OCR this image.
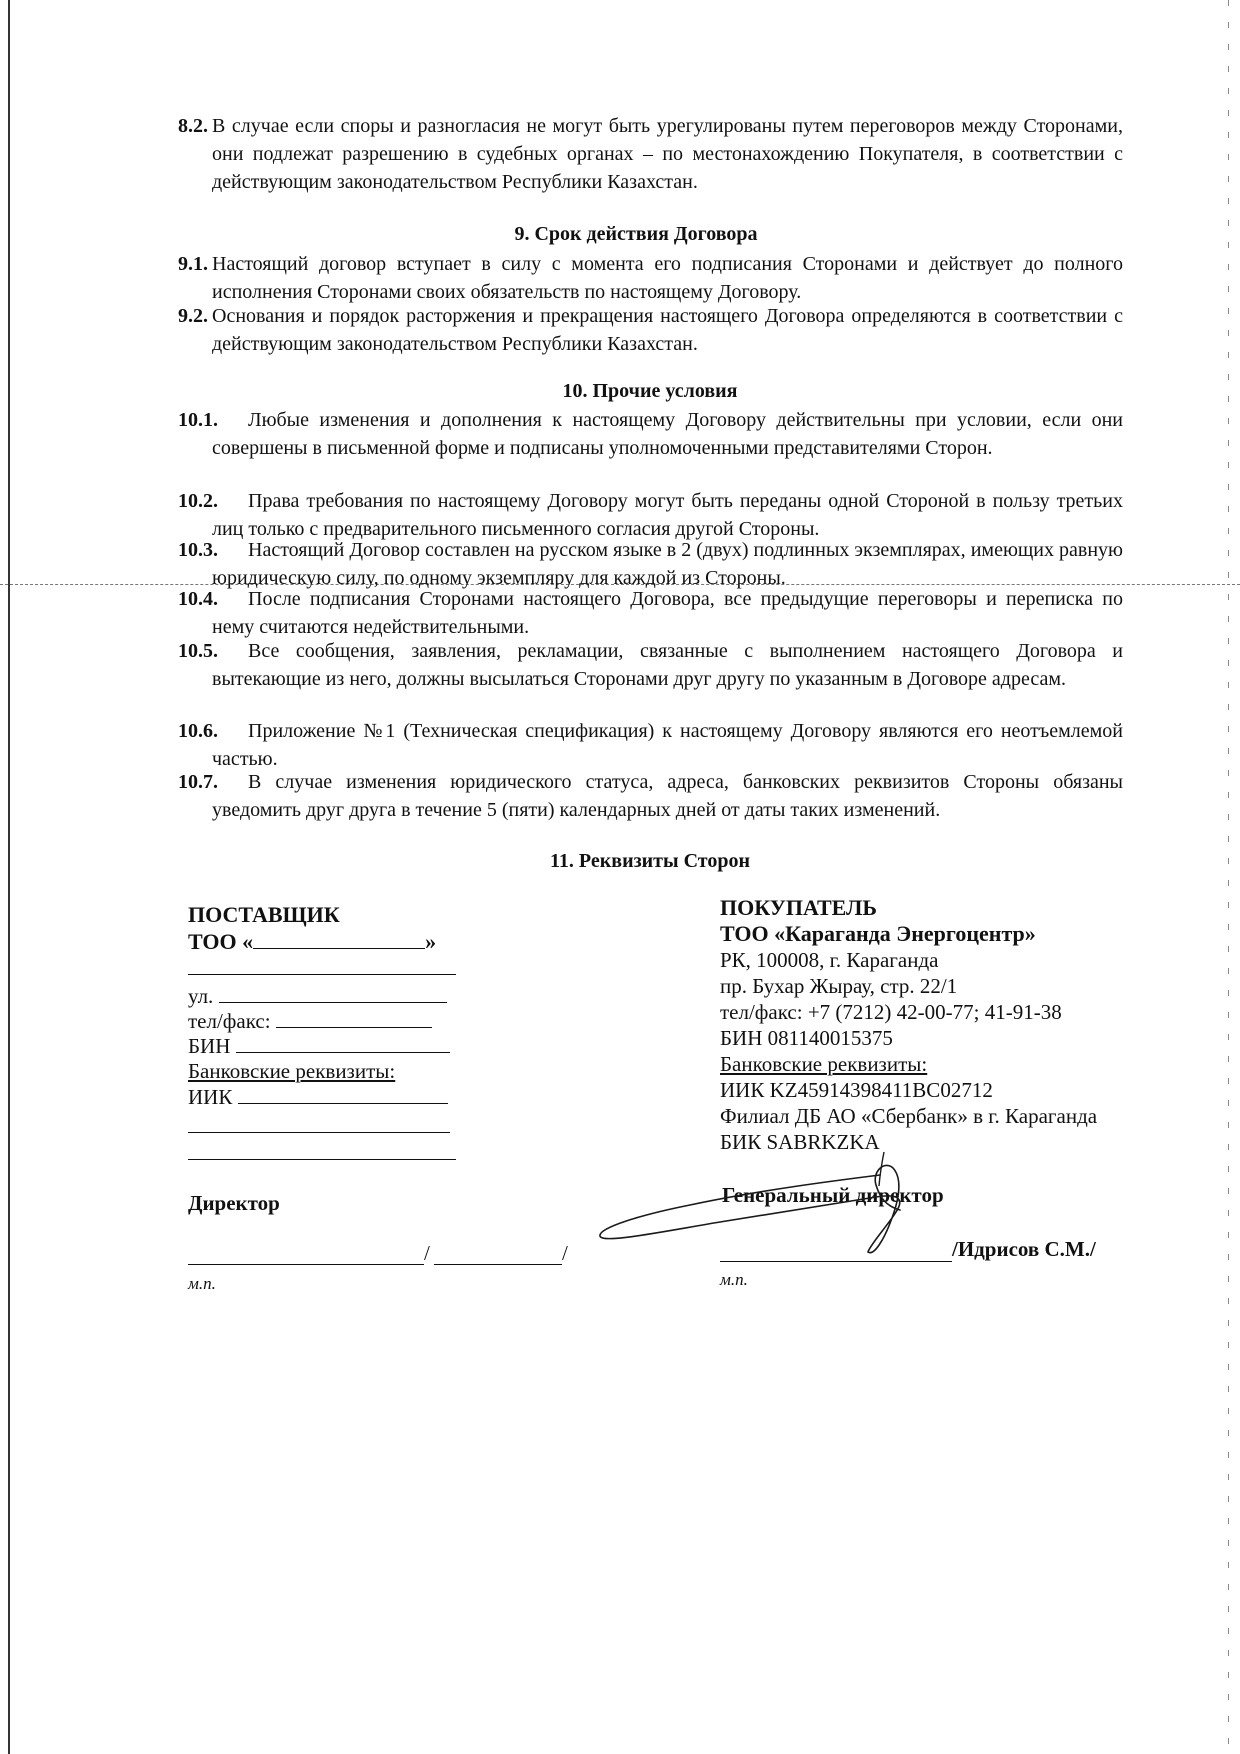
8.2. В случае если споры и разногласия не могут быть урегулированы путем переговоров между Сторонами, они подлежат разрешению в судебных органах – по местонахождению Покупателя, в соответствии с действующим законодательством Республики Казахстан.
9. Срок действия Договора
9.1. Настоящий договор вступает в силу с момента его подписания Сторонами и действует до полного исполнения Сторонами своих обязательств по настоящему Договору.
9.2. Основания и порядок расторжения и прекращения настоящего Договора определяются в соответствии с действующим законодательством Республики Казахстан.
10. Прочие условия
10.1.	Любые изменения и дополнения к настоящему Договору действительны при условии, если они совершены в письменной форме и подписаны уполномоченными представителями Сторон.
10.2.	Права требования по настоящему Договору могут быть переданы одной Стороной в пользу третьих лиц только с предварительного письменного согласия другой Стороны.
10.3.	Настоящий Договор составлен на русском языке в 2 (двух) подлинных экземплярах, имеющих равную юридическую силу, по одному экземпляру для каждой из Стороны.
10.4.	После подписания Сторонами настоящего Договора, все предыдущие переговоры и переписка по нему считаются недействительными.
10.5.	Все сообщения, заявления, рекламации, связанные с выполнением настоящего Договора и вытекающие из него, должны высылаться Сторонами друг другу по указанным в Договоре адресам.
10.6.	Приложение №1 (Техническая спецификация) к настоящему Договору являются его неотъемлемой частью.
10.7.	В случае изменения юридического статуса, адреса, банковских реквизитов Стороны обязаны уведомить друг друга в течение 5 (пяти) календарных дней от даты таких изменений.
11. Реквизиты Сторон
ПОСТАВЩИК
ТОО «	»
ул.
тел/факс:
БИН
Банковские реквизиты:
ИИК
Директор
/	/
м.п.
ПОКУПАТЕЛЬ
ТОО «Караганда Энергоцентр»
РК, 100008, г. Караганда
пр. Бухар Жырау, стр. 22/1
тел/факс: +7 (7212) 42-00-77; 41-91-38
БИН 081140015375
Банковские реквизиты:
ИИК KZ45914398411BC02712
Филиал ДБ АО «Сбербанк» в г. Караганда
БИК SABRKZKA
Генеральный директор
/Идрисов С.М./
м.п.
